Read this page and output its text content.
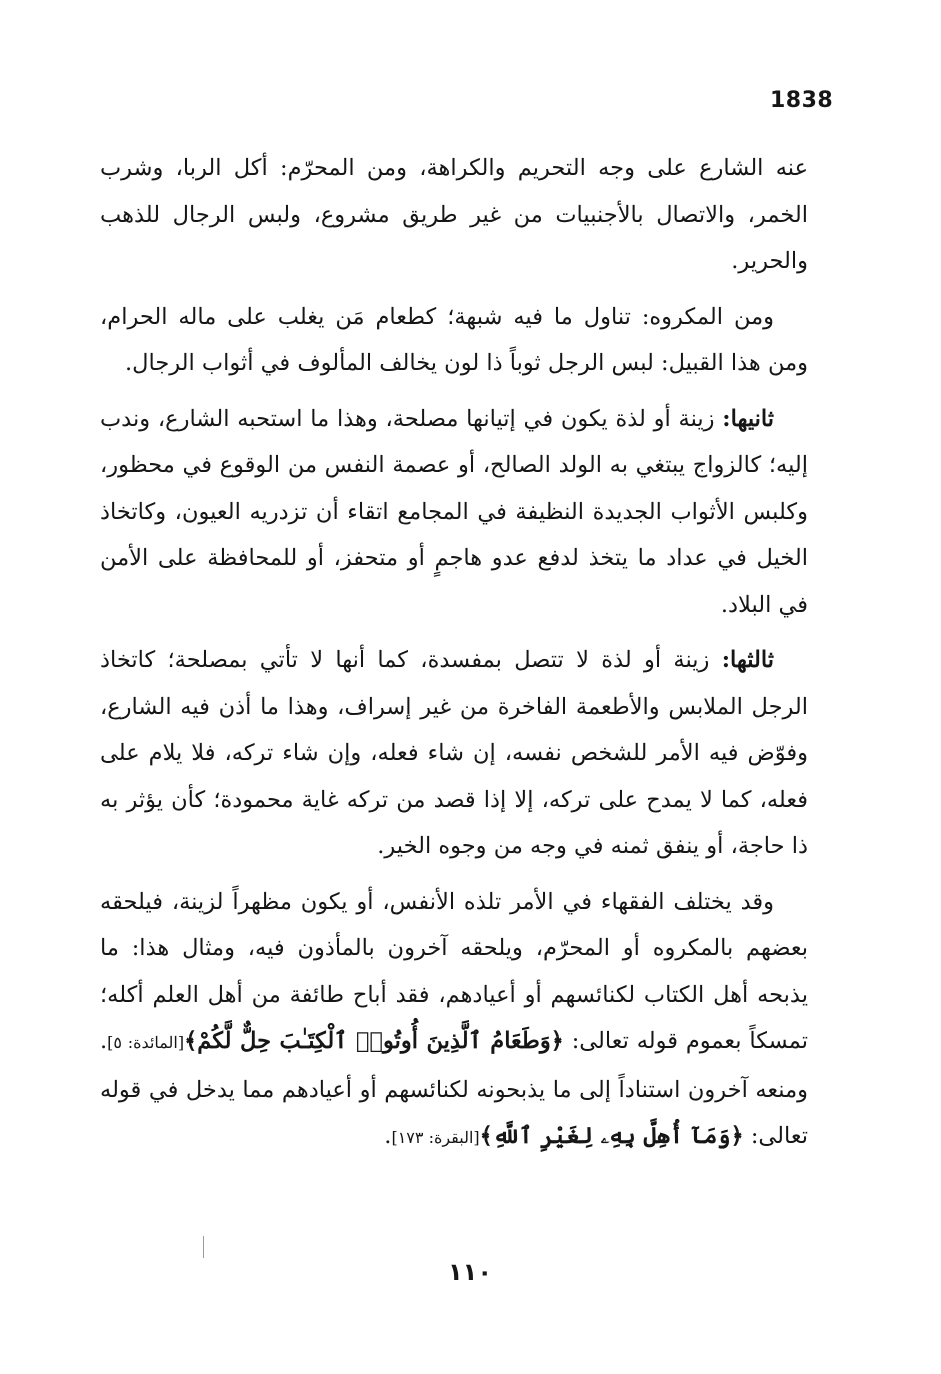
1838

عنه الشارع على وجه التحريم والكراهة، ومن المحرّم: أكل الربا، وشرب الخمر، والاتصال بالأجنبيات من غير طريق مشروع، ولبس الرجال للذهب والحرير.

ومن المكروه: تناول ما فيه شبهة؛ كطعام مَن يغلب على ماله الحرام، ومن هذا القبيل: لبس الرجل ثوباً ذا لون يخالف المألوف في أثواب الرجال.

ثانيها: زينة أو لذة يكون في إتيانها مصلحة، وهذا ما استحبه الشارع، وندب إليه؛ كالزواج يبتغي به الولد الصالح، أو عصمة النفس من الوقوع في محظور، وكلبس الأثواب الجديدة النظيفة في المجامع اتقاء أن تزدريه العيون، وكاتخاذ الخيل في عداد ما يتخذ لدفع عدو هاجمٍ أو متحفز، أو للمحافظة على الأمن في البلاد.

ثالثها: زينة أو لذة لا تتصل بمفسدة، كما أنها لا تأتي بمصلحة؛ كاتخاذ الرجل الملابس والأطعمة الفاخرة من غير إسراف، وهذا ما أذن فيه الشارع، وفوّض فيه الأمر للشخص نفسه، إن شاء فعله، وإن شاء تركه، فلا يلام على فعله، كما لا يمدح على تركه، إلا إذا قصد من تركه غاية محمودة؛ كأن يؤثر به ذا حاجة، أو ينفق ثمنه في وجه من وجوه الخير.

وقد يختلف الفقهاء في الأمر تلذه الأنفس، أو يكون مظهراً لزينة، فيلحقه بعضهم بالمكروه أو المحرّم، ويلحقه آخرون بالمأذون فيه، ومثال هذا: ما يذبحه أهل الكتاب لكنائسهم أو أعيادهم، فقد أباح طائفة من أهل العلم أكله؛ تمسكاً بعموم قوله تعالى: ﴿وَطَعَامُ ٱلَّذِينَ أُوتُوا۟ ٱلْكِتَـٰبَ حِلٌّ لَّكُمْ﴾[المائدة: ٥]. ومنعه آخرون استناداً إلى ما يذبحونه لكنائسهم أو أعيادهم مما يدخل في قوله تعالى: ﴿وَمَآ أُهِلَّ بِهِۦ لِغَيْرِ ٱللَّهِ﴾[البقرة: ١٧٣].

١١٠
